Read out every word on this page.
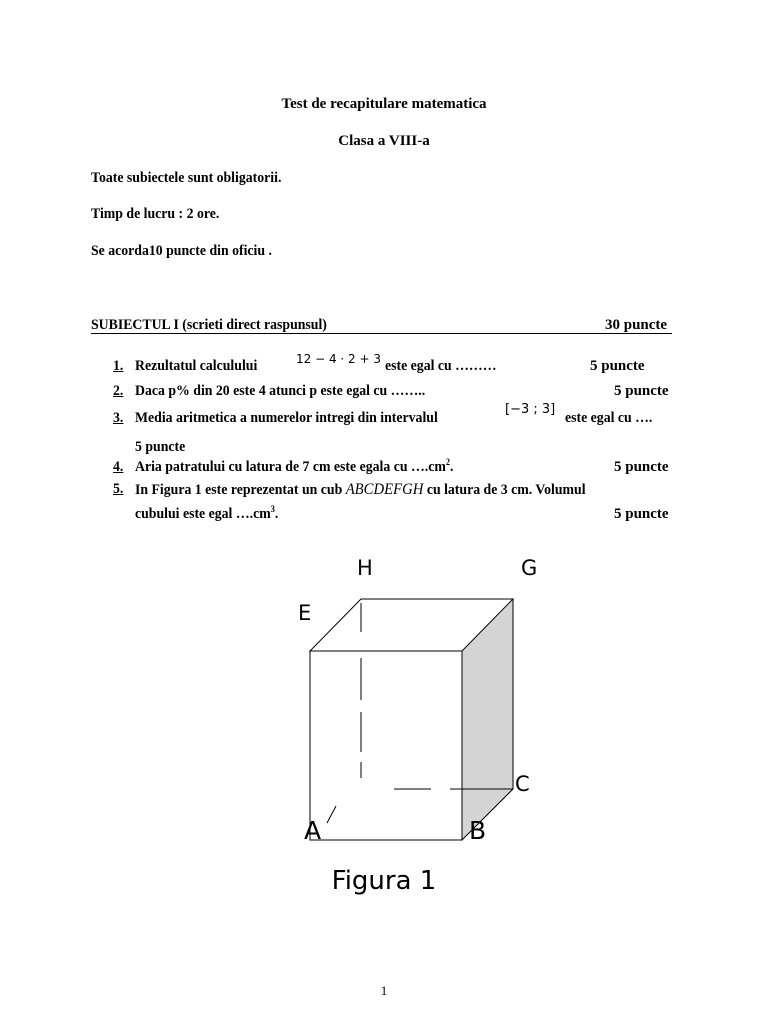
Test de recapitulare matematica
Clasa a VIII-a
Toate subiectele sunt obligatorii.
Timp de lucru : 2 ore.
Se acorda10 puncte din oficiu .
SUBIECTUL I (scrieti direct raspunsul)	30 puncte
1. Rezultatul calculului	12 − 4 · 2 + 3 este egal cu ………	5 puncte
2. Daca p% din 20 este 4 atunci p este egal cu ……..	5 puncte
3. Media aritmetica a numerelor intregi din intervalul
[−3 ; 3]
este egal cu ….
5 puncte
4. Aria patratului cu latura de 7 cm este egala cu $\dots.cm^2$.	5 puncte
5. In Figura 1 este reprezentat un cub ABCDEFGH cu latura de 3 cm. Volumul
cubului este egal $\dots.cm^3$.	5 puncte
H	G
E
C
A	B
Figura 1
1
